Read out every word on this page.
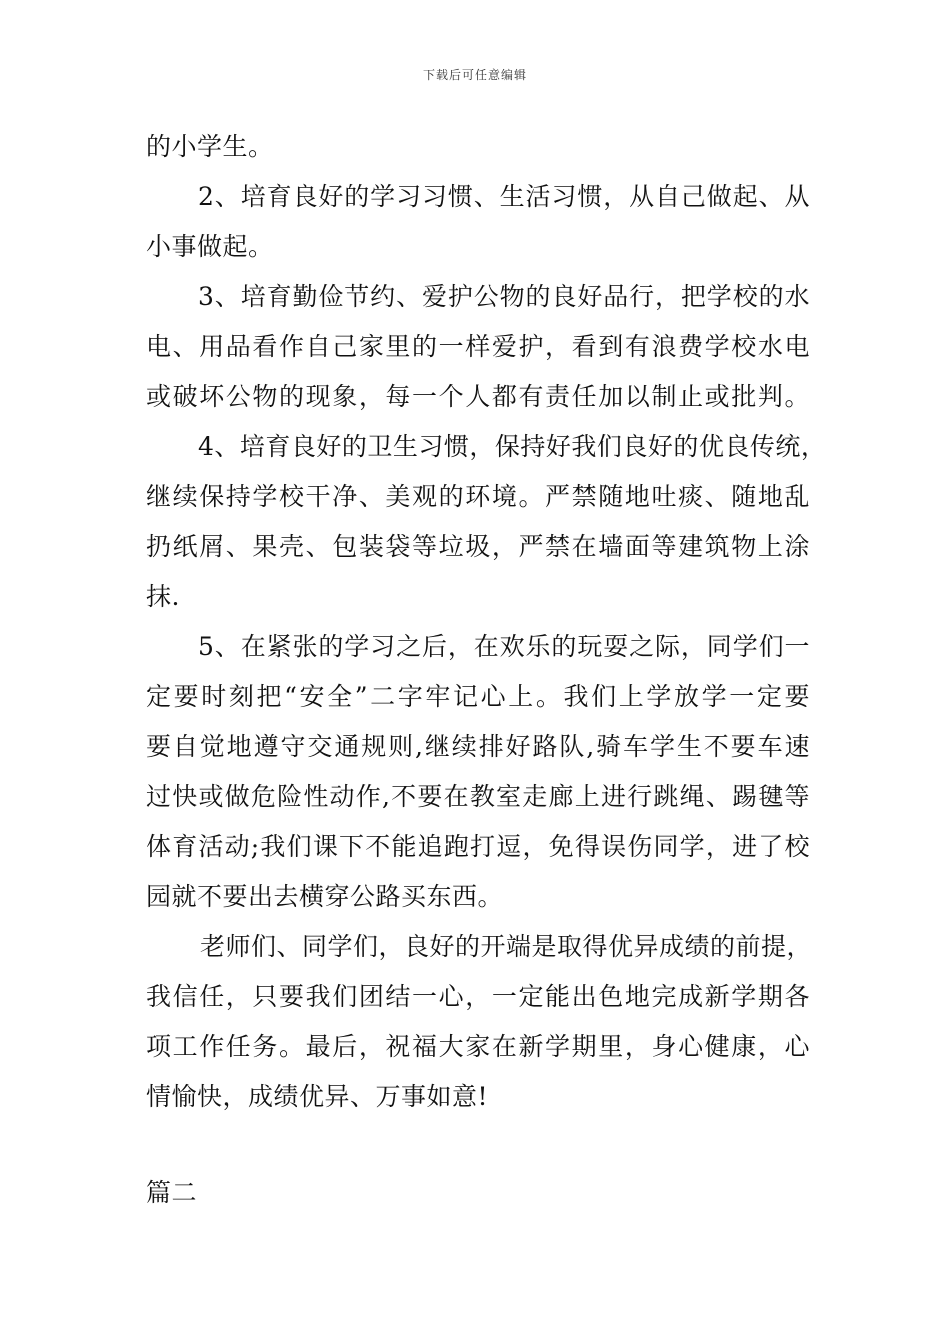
下载后可任意编辑
的小学生。
2、培育良好的学习习惯、生活习惯，从自己做起、从
小事做起。
3、培育勤俭节约、爱护公物的良好品行，把学校的水
电、用品看作自己家里的一样爱护，看到有浪费学校水电
或破坏公物的现象，每一个人都有责任加以制止或批判。
4、培育良好的卫生习惯，保持好我们良好的优良传统，
继续保持学校干净、美观的环境。严禁随地吐痰、随地乱
扔纸屑、果壳、包装袋等垃圾，严禁在墙面等建筑物上涂
抹.
5、在紧张的学习之后，在欢乐的玩耍之际，同学们一
定要时刻把“安全”二字牢记心上。我们上学放学一定要
要自觉地遵守交通规则,继续排好路队,骑车学生不要车速
过快或做危险性动作,不要在教室走廊上进行跳绳、踢毽等
体育活动;我们课下不能追跑打逗，免得误伤同学，进了校
园就不要出去横穿公路买东西。
老师们、同学们，良好的开端是取得优异成绩的前提，
我信任，只要我们团结一心，一定能出色地完成新学期各
项工作任务。最后，祝福大家在新学期里，身心健康，心
情愉快，成绩优异、万事如意!
篇二
